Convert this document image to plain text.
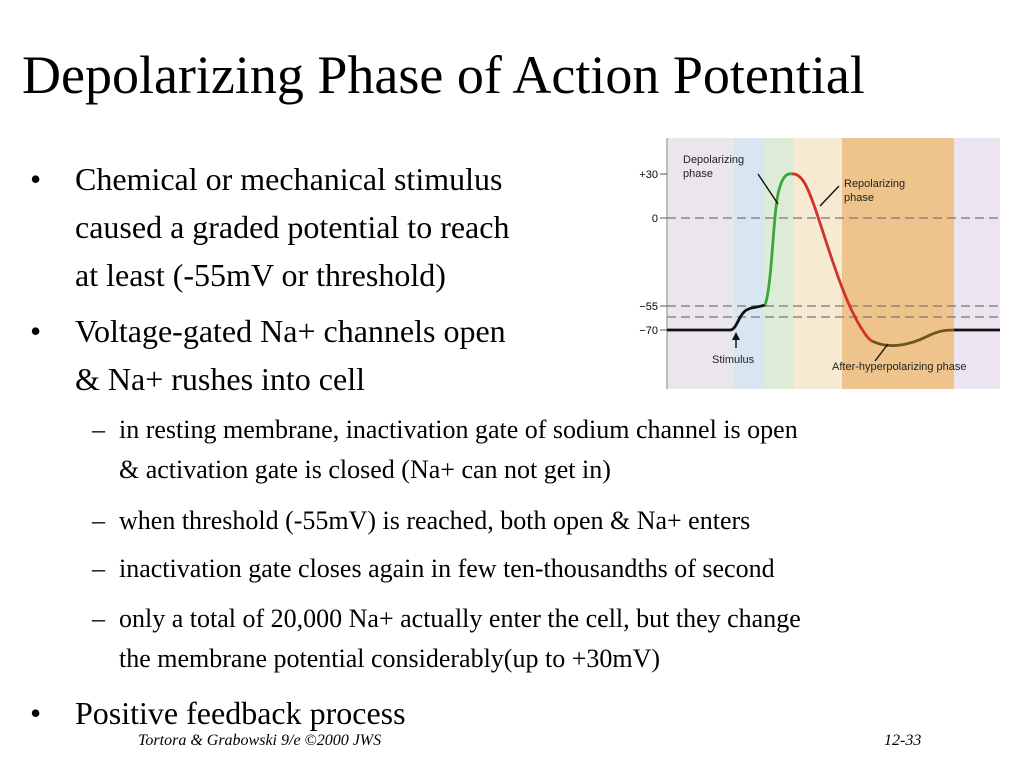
Depolarizing Phase of Action Potential
• Chemical or mechanical stimulus
caused a graded potential to reach
at least (-55mV or threshold)
• Voltage-gated Na+ channels open
& Na+ rushes into cell
– in resting membrane, inactivation gate of sodium channel is open
& activation gate is closed (Na+ can not get in)
– when threshold (-55mV) is reached, both open & Na+ enters
– inactivation gate closes again in few ten-thousandths of second
– only a total of 20,000 Na+ actually enter the cell, but they change
the membrane potential considerably(up to +30mV)
• Positive feedback process
Tortora & Grabowski 9/e ©2000 JWS	12-33
+30
0
−55
−70
Depolarizing
phase
Repolarizing
phase
Stimulus
After-hyperpolarizing phase
